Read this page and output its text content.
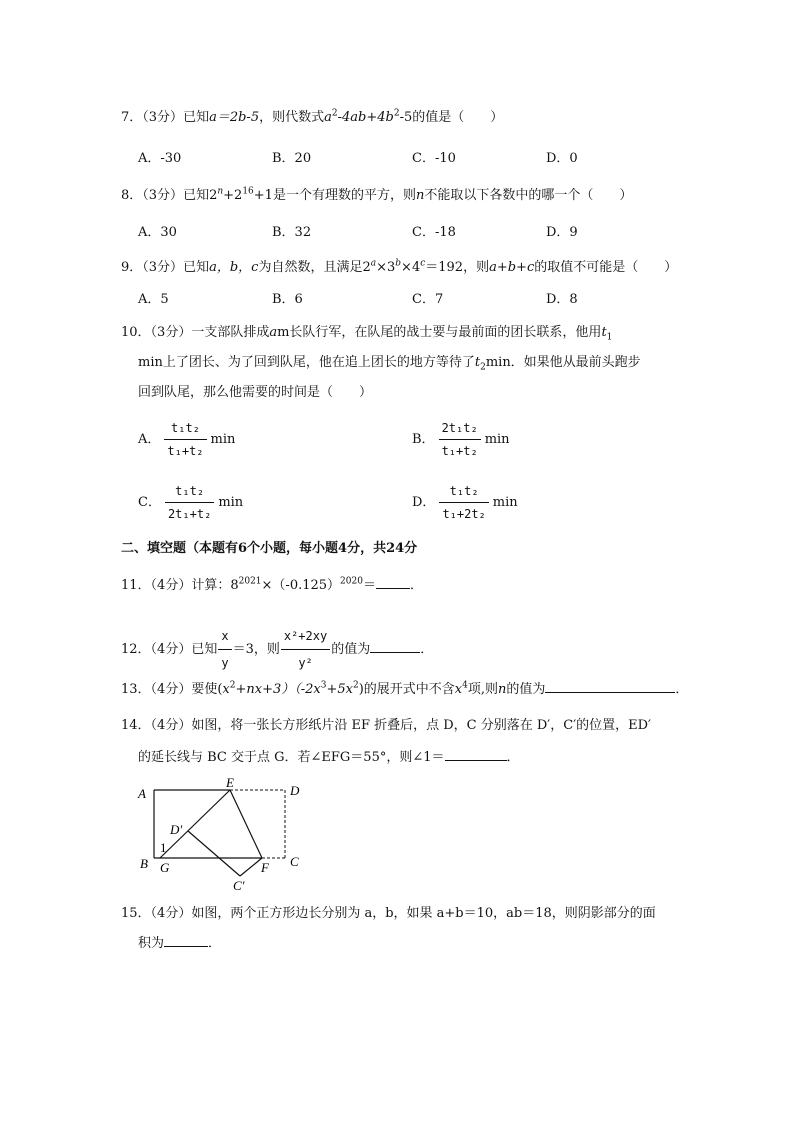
7．（3分）已知a＝2b-5，则代数式$a^2-4ab+4b^2-5$的值是（　　）
A．-30	B．20	C．-10	D．0
8．（3分）已知$2^n+2^{16}+1$是一个有理数的平方，则n不能取以下各数中的哪一个（　　）
A．30	B．32	C．-18	D．9
9．（3分）已知a，b，c为自然数，且满足$2^a\times 3^b\times 4^c=192$，则a+b+c的取值不可能是（　　）
A．5	B．6	C．7	D．8
10．（3分）一支部队排成am长队行军，在队尾的战士要与最前面的团长联系，他用$t_1$
min上了团长、为了回到队尾，他在追上团长的地方等待了$t_2\min$．如果他从最前头跑步
回到队尾，那么他需要的时间是（　　）
A． $\frac{\text{t₁t₂}}{\text{t₁+t₂}}$ min	B． $\frac{\text{2t₁t₂}}{\text{t₁+t₂}}$ min
C． $\frac{\text{t₁t₂}}{\text{2t₁+t₂}}$ min	D． $\frac{\text{t₁t₂}}{\text{t₁+2t₂}}$ min
二、填空题（本题有6个小题，每小题4分，共24分
11．（4分）计算：$8^{2021}\times(-0.125)^{2020}=$	．
12．（4分）已知 $\frac{x}{y} =3$，则 $\frac{\text{x²+2xy}}{\text{y²}}$ 的值为	．
13．（4分）要使$(x^2+nx+3)(-2x^3+5x^2)$的展开式中不含$x^4$项,则n的值为	．
14．（4分）如图，将一张长方形纸片沿 EF 折叠后，点 D，C 分别落在 D′，C′的位置，ED′
的延长线与 BC 交于点 G．若∠EFG＝55°，则∠1＝	．
A
E
D
D′
1
B G	F C
C′
15．（4分）如图，两个正方形边长分别为 a，b，如果 a+b＝10，ab＝18，则阴影部分的面
积为	．
